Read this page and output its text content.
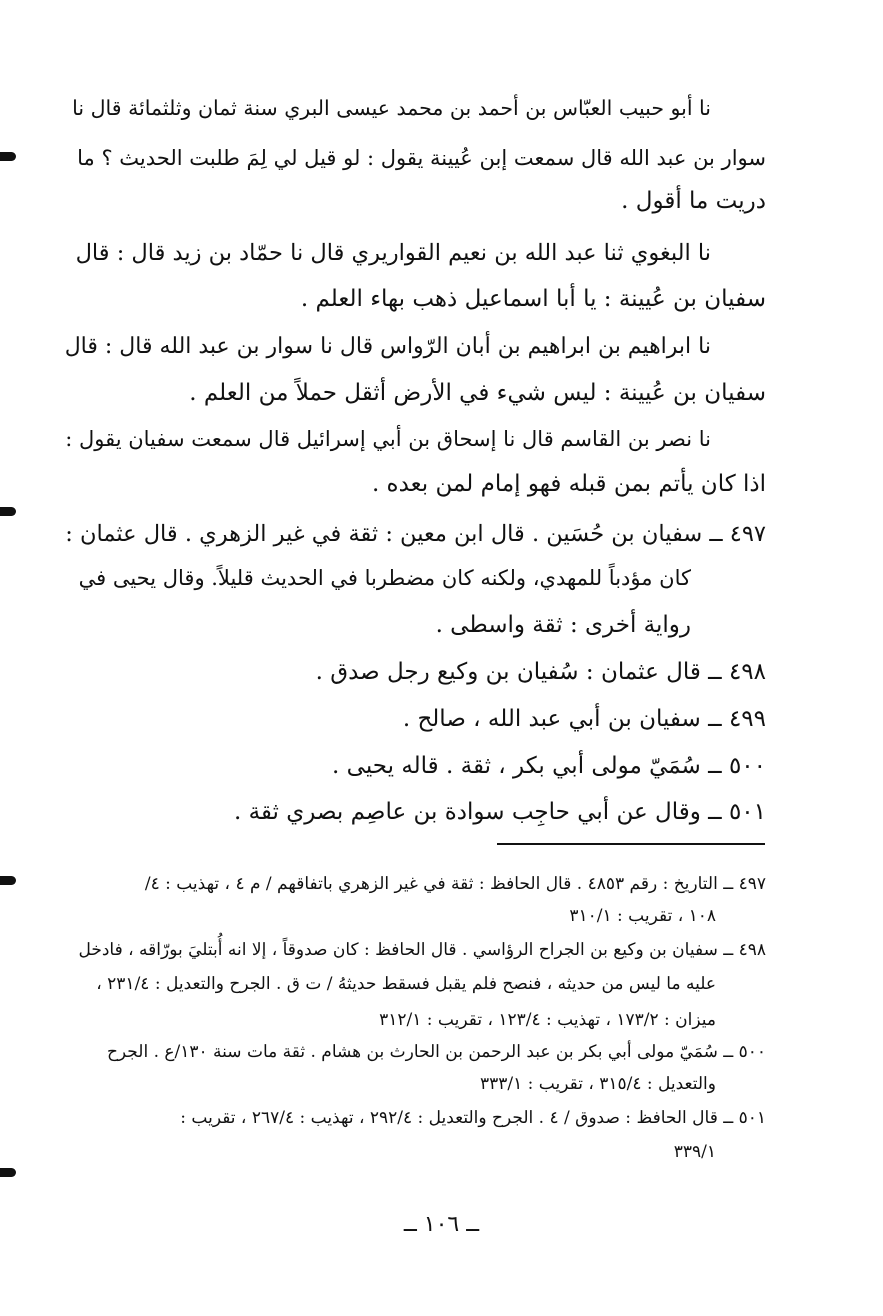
نا أبو حبيب العبّاس بن أحمد بن محمد عيسى البري سنة ثمان وثلثمائة قال نا
سوار بن عبد الله قال سمعت إبن عُيينة يقول : لو قيل لي لِمَ طلبت الحديث ؟ ما
دريت ما أقول .
نا البغوي ثنا عبد الله بن نعيم القواريري قال نا حمّاد بن زيد قال : قال
سفيان بن عُيينة : يا أبا اسماعيل ذهب بهاء العلم .
نا ابراهيم بن ابراهيم بن أبان الرّواس قال نا سوار بن عبد الله قال : قال
سفيان بن عُيينة : ليس شيء في الأرض أثقل حملاً من العلم .
نا نصر بن القاسم قال نا إسحاق بن أبي إسرائيل قال سمعت سفيان يقول :
اذا كان يأتم بمن قبله فهو إمام لمن بعده .
٤٩٧ ــ سفيان بن حُسَين . قال ابن معين : ثقة في غير الزهري . قال عثمان :
كان مؤدباً للمهدي، ولكنه كان مضطربا في الحديث قليلاً. وقال يحيى في
رواية أخرى : ثقة واسطى .
٤٩٨ ــ قال عثمان : سُفيان بن وكيع رجل صدق .
٤٩٩ ــ سفيان بن أبي عبد الله ، صالح .
٥٠٠ ــ سُمَيّ مولى أبي بكر ، ثقة . قاله يحيى .
٥٠١ ــ وقال عن أبي حاجِب سوادة بن عاصِم بصري ثقة .
٤٩٧ ــ التاريخ : رقم ٤٨٥٣ . قال الحافظ : ثقة في غير الزهري باتفاقهم / م ٤ ، تهذيب : ٤/
١٠٨ ، تقريب : ٣١٠/١
٤٩٨ ــ سفيان بن وكيع بن الجراح الرؤاسي . قال الحافظ : كان صدوقاً ، إلا انه أُبتليَ بورّاقه ، فادخل
عليه ما ليس من حديثه ، فنصح فلم يقبل فسقط حديثهُ / ت ق . الجرح والتعديل : ٢٣١/٤ ،
ميزان : ١٧٣/٢ ، تهذيب : ١٢٣/٤ ، تقريب : ٣١٢/١
٥٠٠ ــ سُمَيّ مولى أبي بكر بن عبد الرحمن بن الحارث بن هشام . ثقة مات سنة ١٣٠/ع . الجرح
والتعديل : ٣١٥/٤ ، تقريب : ٣٣٣/١
٥٠١ ــ قال الحافظ : صدوق / ٤ . الجرح والتعديل : ٢٩٢/٤ ، تهذيب : ٢٦٧/٤ ، تقريب :
٣٣٩/١
ــ ١٠٦ ــ
